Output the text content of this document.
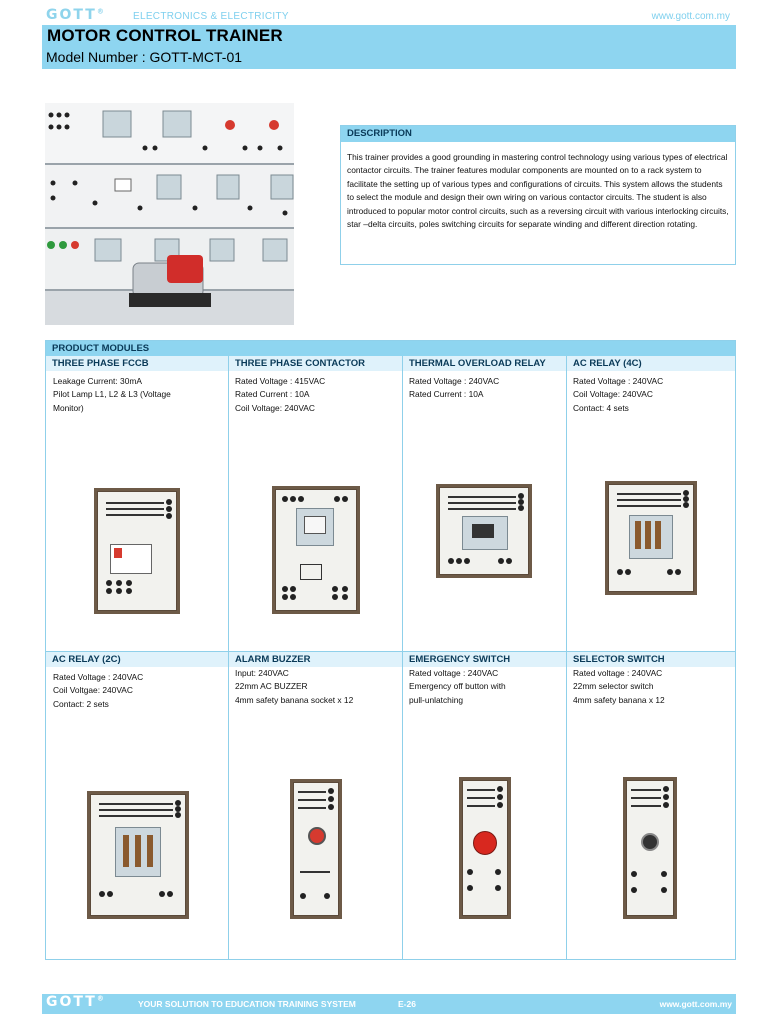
GOTT®	ELECTRONICS & ELECTRICITY	www.gott.com.my
MOTOR CONTROL TRAINER
Model Number : GOTT-MCT-01
DESCRIPTION
This trainer provides a good grounding in mastering control technology using various types of electrical contactor circuits. The trainer features modular components are mounted on to a rack system to facilitate the setting up of various types and configurations of circuits. This system allows the students to select the module and design their own wiring on various contactor circuits. The student is also introduced to popular motor control circuits, such as a reversing circuit with various interlocking circuits, star –delta circuits, poles switching circuits for separate winding and different direction rotating.
PRODUCT MODULES
THREE PHASE FCCB
Leakage Current: 30mA
Pilot Lamp L1, L2 & L3 (Voltage
Monitor)
THREE PHASE CONTACTOR
Rated Voltage : 415VAC
Rated Current : 10A
Coil Voltage: 240VAC
THERMAL OVERLOAD RELAY
Rated Voltage : 240VAC
Rated Current : 10A
AC RELAY (4C)
Rated Voltage : 240VAC
Coil Voltage: 240VAC
Contact: 4 sets
AC RELAY (2C)
Rated Voltage : 240VAC
Coil Voltgae: 240VAC
Contact: 2 sets
ALARM BUZZER
Input: 240VAC
22mm AC BUZZER
4mm safety banana socket x 12
EMERGENCY SWITCH
Rated voltage : 240VAC
Emergency off button with
pull-unlatching
SELECTOR SWITCH
Rated voltage : 240VAC
22mm selector switch
4mm safety banana x 12
GOTT®
YOUR SOLUTION TO EDUCATION TRAINING SYSTEM	E-26	www.gott.com.my
